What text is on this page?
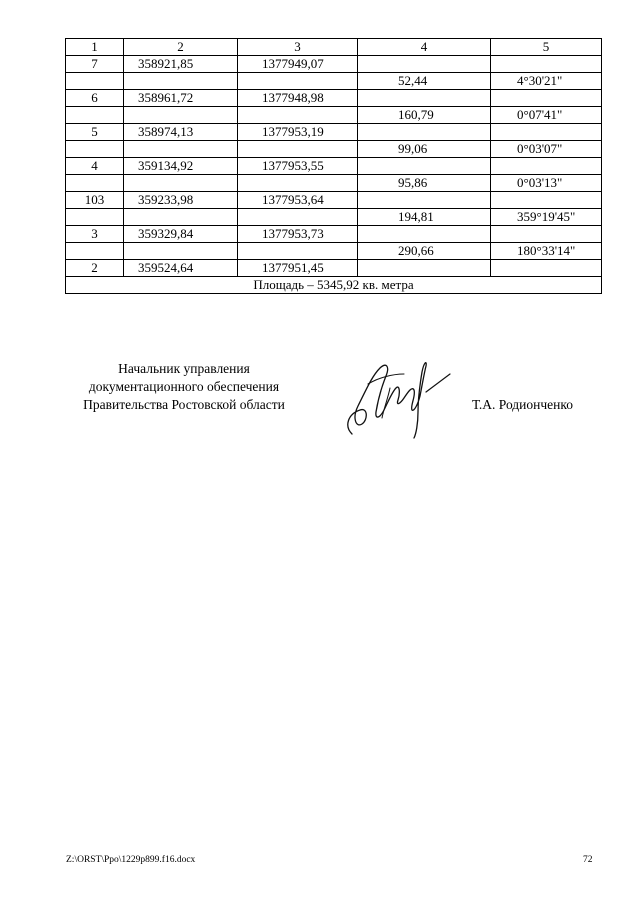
1	2	3	4	5
7	358921,85	1377949,07		
			52,44	4°30'21"
6	358961,72	1377948,98		
			160,79	0°07'41"
5	358974,13	1377953,19		
			99,06	0°03'07"
4	359134,92	1377953,55		
			95,86	0°03'13"
103	359233,98	1377953,64		
			194,81	359°19'45"
3	359329,84	1377953,73		
			290,66	180°33'14"
2	359524,64	1377951,45		
Площадь – 5345,92 кв. метра				
Начальник управления
документационного обеспечения
Правительства Ростовской области	Т.А. Родионченко
Z:\ORST\Ppo\1229p899.f16.docx	72
